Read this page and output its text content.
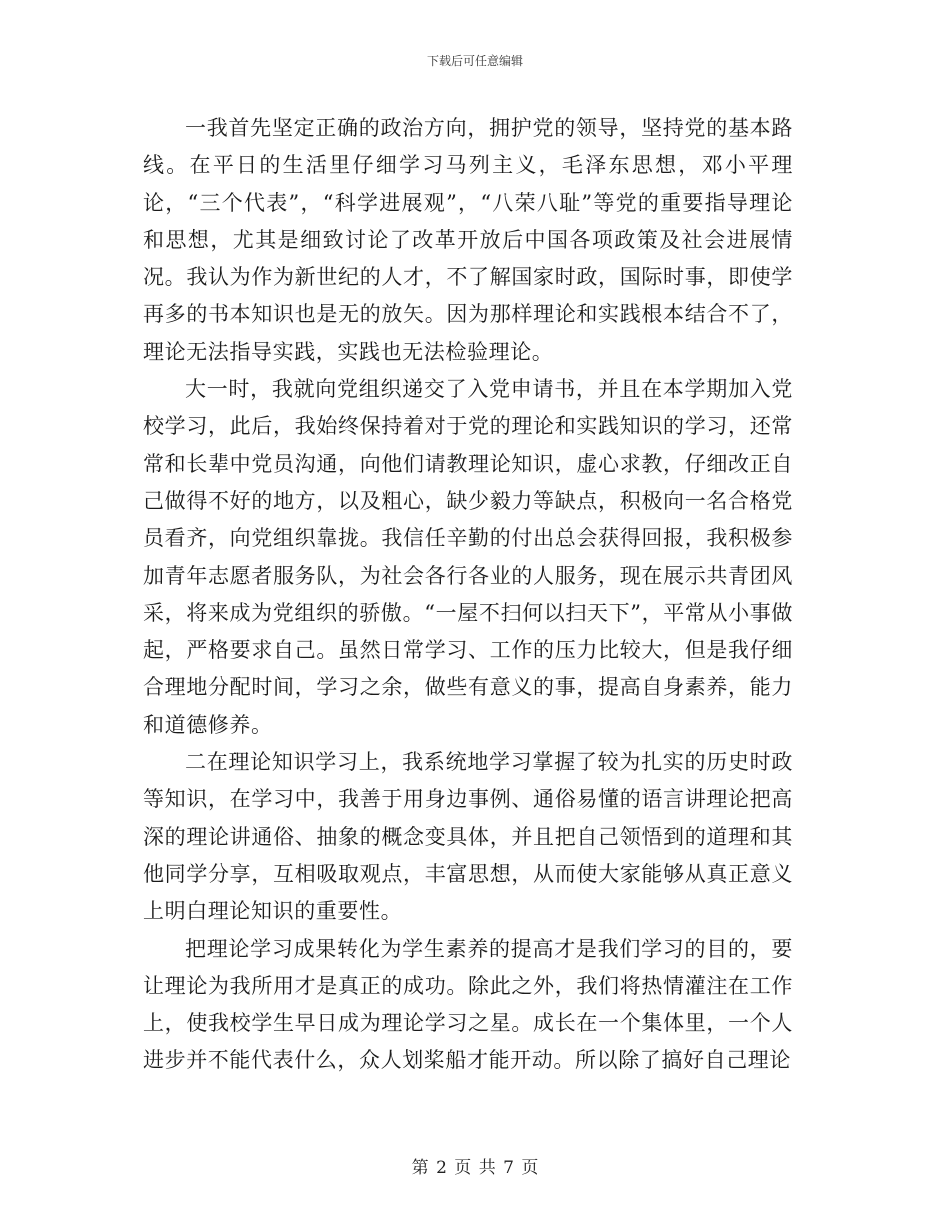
下载后可任意编辑

一我首先坚定正确的政治方向，拥护党的领导，坚持党的基本路线。在平日的生活里仔细学习马列主义，毛泽东思想，邓小平理论，“三个代表”，“科学进展观”，“八荣八耻”等党的重要指导理论和思想，尤其是细致讨论了改革开放后中国各项政策及社会进展情况。我认为作为新世纪的人才，不了解国家时政，国际时事，即使学再多的书本知识也是无的放矢。因为那样理论和实践根本结合不了，理论无法指导实践，实践也无法检验理论。

大一时，我就向党组织递交了入党申请书，并且在本学期加入党校学习，此后，我始终保持着对于党的理论和实践知识的学习，还常常和长辈中党员沟通，向他们请教理论知识，虚心求教，仔细改正自己做得不好的地方，以及粗心，缺少毅力等缺点，积极向一名合格党员看齐，向党组织靠拢。我信任辛勤的付出总会获得回报，我积极参加青年志愿者服务队，为社会各行各业的人服务，现在展示共青团风采，将来成为党组织的骄傲。“一屋不扫何以扫天下”，平常从小事做起，严格要求自己。虽然日常学习、工作的压力比较大，但是我仔细合理地分配时间，学习之余，做些有意义的事，提高自身素养，能力和道德修养。

二在理论知识学习上，我系统地学习掌握了较为扎实的历史时政等知识，在学习中，我善于用身边事例、通俗易懂的语言讲理论把高深的理论讲通俗、抽象的概念变具体，并且把自己领悟到的道理和其他同学分享，互相吸取观点，丰富思想，从而使大家能够从真正意义上明白理论知识的重要性。

把理论学习成果转化为学生素养的提高才是我们学习的目的，要让理论为我所用才是真正的成功。除此之外，我们将热情灌注在工作上，使我校学生早日成为理论学习之星。成长在一个集体里，一个人进步并不能代表什么，众人划桨船才能开动。所以除了搞好自己理论

第 2 页 共 7 页
